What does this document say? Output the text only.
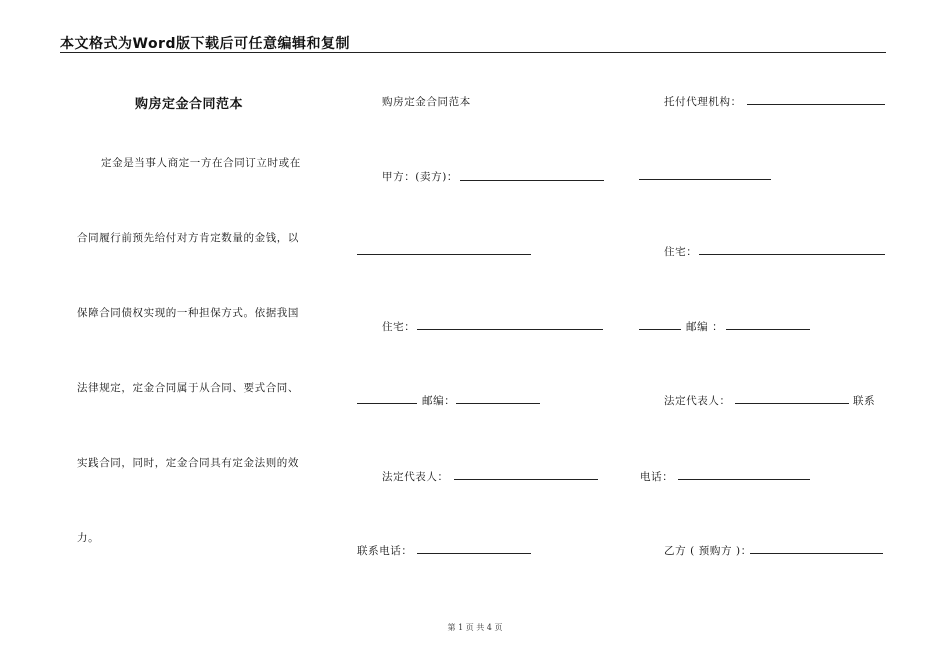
本文格式为Word版下载后可任意编辑和复制
购房定金合同范本
定金是当事人商定一方在合同订立时或在
合同履行前预先给付对方肯定数量的金钱，以
保障合同债权实现的一种担保方式。依据我国
法律规定，定金合同属于从合同、要式合同、
实践合同，同时，定金合同具有定金法则的效
力。
购房定金合同范本
甲方：(卖方)：
住宅：
邮编：
法定代表人：
联系电话：
托付代理机构：
住宅：
邮编 ：
法定代表人：	联系
电话：
乙方 ( 预购方 )：
第 1 页 共 4 页
